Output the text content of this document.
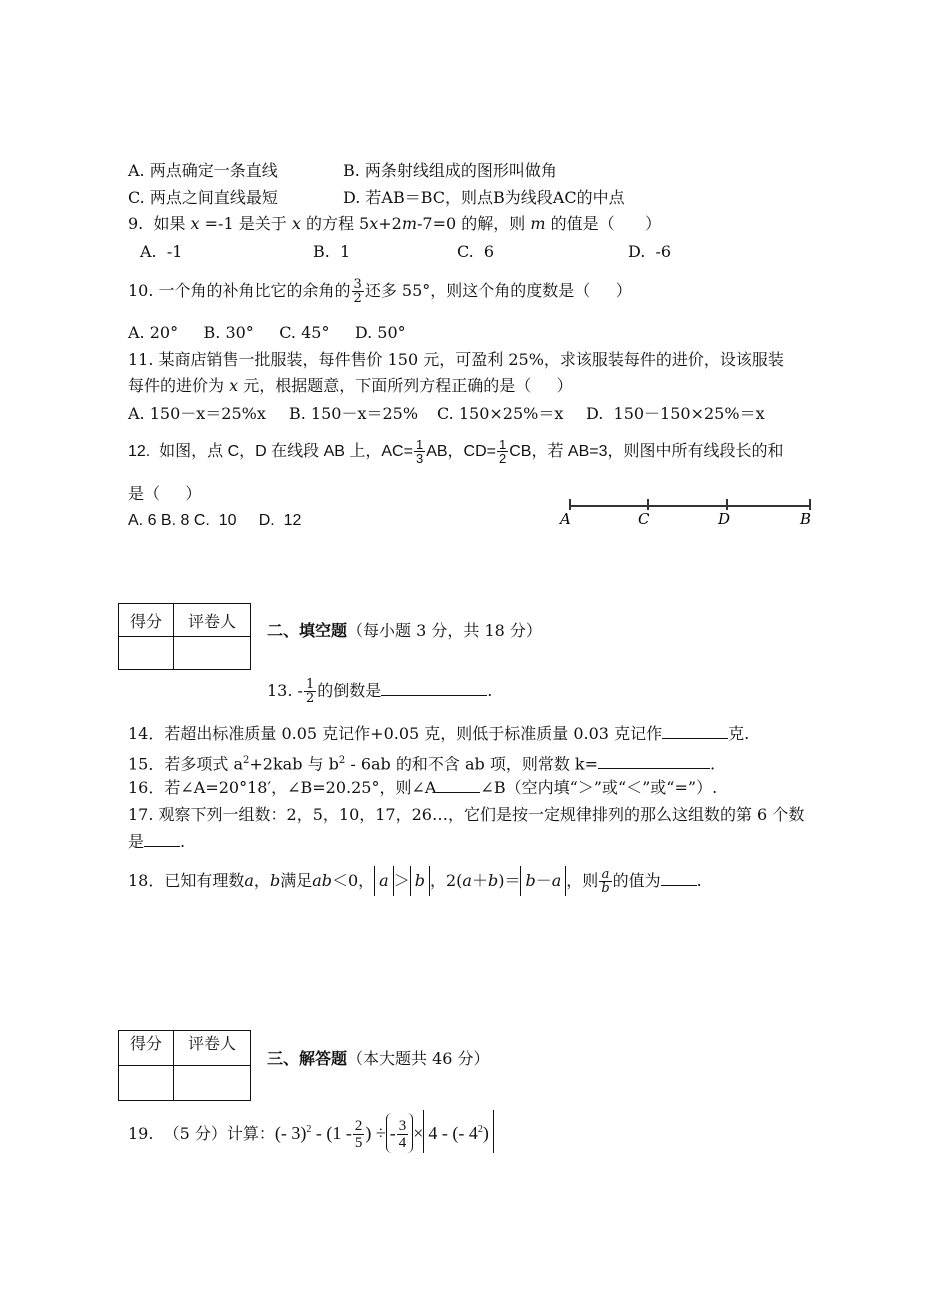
A. 两点确定一条直线	B. 两条射线组成的图形叫做角
C. 两点之间直线最短	D. 若AB＝BC，则点B为线段AC的中点
9.  如果 x =-1 是关于 x 的方程 5x+2m-7=0 的解，则 m 的值是（      ）
A.  -1	B.  1	C.  6	D.  -6
10. 一个角的补角比它的余角的 $\frac{3}{2}$ 还多 55°，则这个角的度数是（     ）
A. 20°     B. 30°     C. 45°     D. 50°
11. 某商店销售一批服装，每件售价 150 元，可盈利 25%，求该服装每件的进价，设该服装
每件的进价为 x 元，根据题意，下面所列方程正确的是（     ）
A. 150－x＝25%x B. 150－x＝25% C. 150×25%＝x D.  150－150×25%＝x
12.  如图，点 C，D 在线段 AB 上，$AC= \frac{1}{3}$ AB，$CD= \frac{1}{2}$ CB，若 AB=3，则图中所有线段长的和
是（     ）
A. 6 B. 8 C.  10     D.  12	A	C	D	B
得分	评卷人
	二、填空题（每小题 3 分，共 18 分）
13. - $\frac{1}{2}$ 的倒数是	.
14．若超出标准质量 0.05 克记作+0.05 克，则低于标准质量 0.03 克记作	克.
15．若多项式 $a^2+2kab$ 与 $b^2 - 6ab$ 的和不含 ab 项，则常数 k=	.
16．若∠A=20°18′，∠B=20.25°，则∠A	∠B（空内填“＞”或“＜”或“=”）.
17. 观察下列一组数：2，5，10，17，26…，它们是按一定规律排列的那么这组数的第 6 个数
是 .
18．已知有理数a，b满足ab＜0， a ＞ b ，2(a＋b)＝ b－a ，则 $\frac{a}{b}$ 的值为 .
得分	评卷人

三、解答题（本大题共 46 分）
19.  （5 分）计算：(- $3)^2 - (1 - \frac{2}{5}$ ) ÷ - $\frac{3}{4} \times 4$ - (- $4^2$)
